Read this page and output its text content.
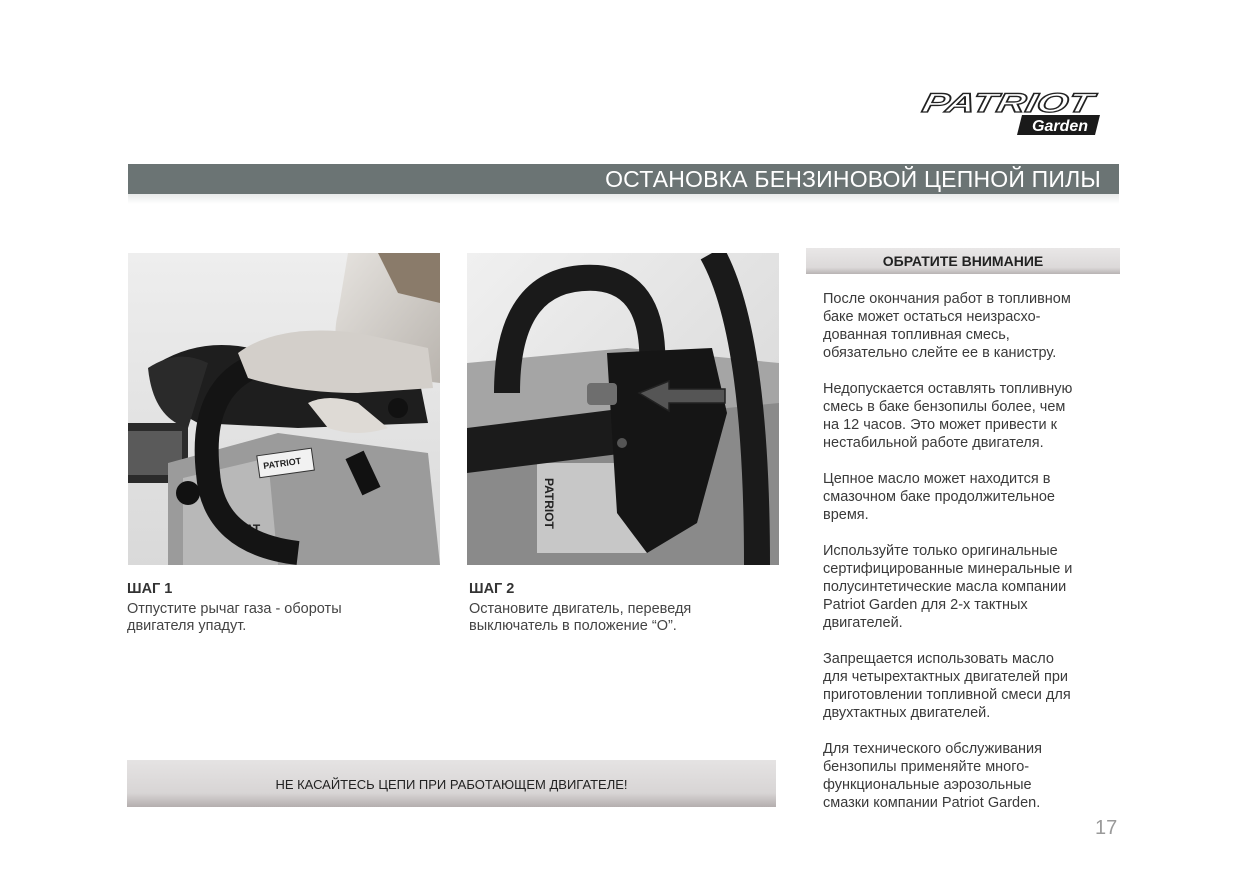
PATRIOT
Garden
ОСТАНОВКА БЕНЗИНОВОЙ ЦЕПНОЙ ПИЛЫ
PATRIOT
PAT
PATRIOT
ШАГ 1
Отпустите рычаг газа - обороты
двигателя упадут.
ШАГ 2
Остановите двигатель, переведя
выключатель в положение “О”.
ОБРАТИТЕ ВНИМАНИЕ

После окончания работ в топливном
баке может остаться неизрасхо-
дованная топливная смесь,
обязательно слейте ее в канистру.

Недопускается оставлять топливную
смесь в баке бензопилы более, чем
на 12 часов. Это может привести к
нестабильной работе двигателя.

Цепное масло может находится в
смазочном баке продолжительное
время.

Используйте только оригинальные
сертифицированные минеральные и
полусинтетические масла компании
Patriot Garden для 2-х тактных
двигателей.

Запрещается использовать масло
для четырехтактных двигателей при
приготовлении топливной смеси для
двухтактных двигателей.

Для технического обслуживания
бензопилы применяйте много-
функциональные аэрозольные
смазки компании Patriot Garden.

НЕ КАСАЙТЕСЬ ЦЕПИ ПРИ РАБОТАЮЩЕМ ДВИГАТЕЛЕ!
17
